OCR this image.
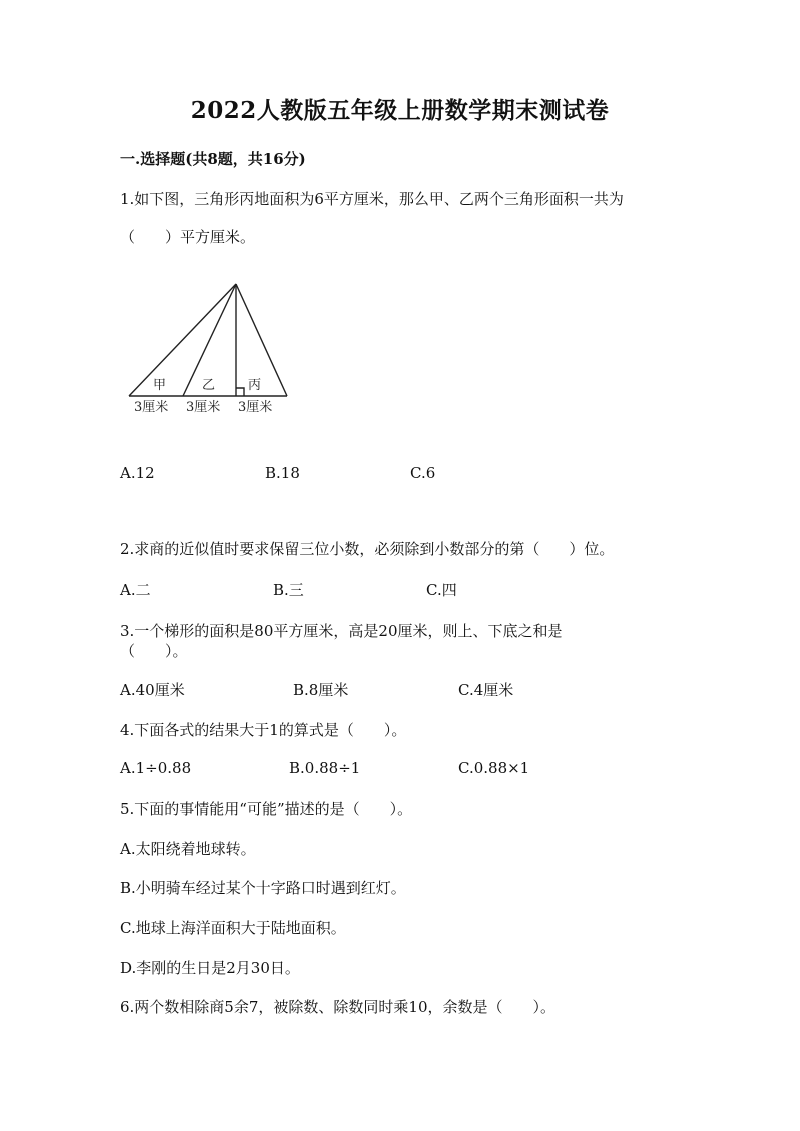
2022人教版五年级上册数学期末测试卷
一.选择题(共8题，共16分)
1.如下图，三角形丙地面积为6平方厘米，那么甲、乙两个三角形面积一共为
（　　）平方厘米。
甲	乙	丙
3厘米 3厘米 3厘米
A.12	B.18	C.6
2.求商的近似值时要求保留三位小数，必须除到小数部分的第（　　）位。
A.二	B.三	C.四
3.一个梯形的面积是80平方厘米，高是20厘米，则上、下底之和是
（　　）。
A.40厘米	B.8厘米	C.4厘米
4.下面各式的结果大于1的算式是（　　）。
A.1÷0.88	B.0.88÷1	C.0.88×1
5.下面的事情能用“可能”描述的是（　　）。
A.太阳绕着地球转。
B.小明骑车经过某个十字路口时遇到红灯。
C.地球上海洋面积大于陆地面积。
D.李刚的生日是2月30日。
6.两个数相除商5余7，被除数、除数同时乘10，余数是（　　）。
